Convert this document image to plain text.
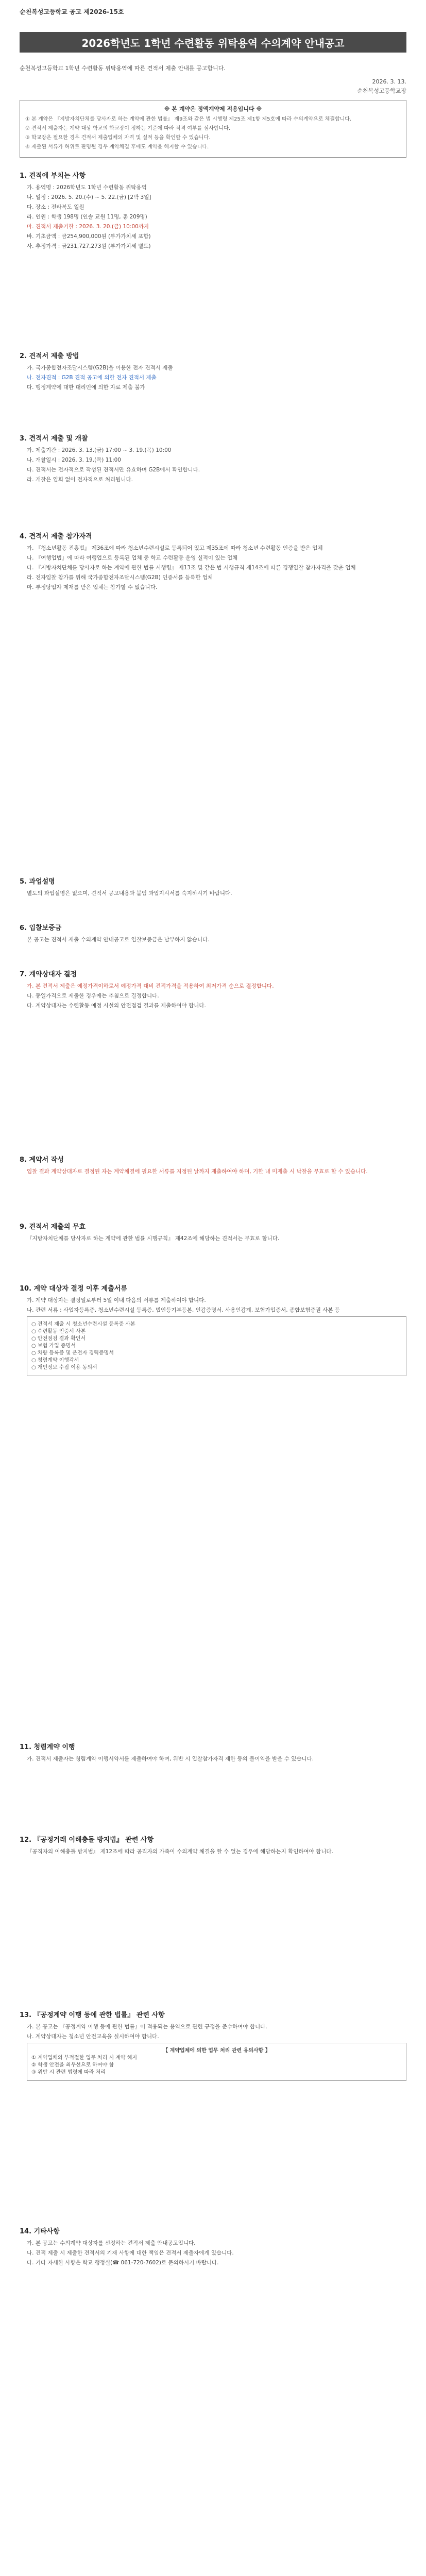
순천복성고등학교 공고 제2026-15호
2026학년도 1학년 수련활동 위탁용역 수의계약 안내공고
순천복성고등학교 1학년 수련활동 위탁용역에 따른 견적서 제출 안내를 공고합니다.
2026. 3. 13.
순천복성고등학교장
※ 본 계약은 정액계약제 적용입니다 ※

① 본 계약은 『지방자치단체를 당사자로 하는 계약에 관한 법률』 제9조와 같은 법 시행령 제25조 제1항 제5호에 따라 수의계약으로 체결합니다.

② 견적서 제출자는 계약 대상 학교의 학교장이 정하는 기준에 따라 적격 여부를 심사합니다.

③ 학교장은 필요한 경우 견적서 제출업체의 자격 및 실적 등을 확인할 수 있습니다.

④ 제출된 서류가 허위로 판명될 경우 계약체결 후에도 계약을 해지할 수 있습니다.

1. 견적에 부치는 사항
가. 용역명 : 2026학년도 1학년 수련활동 위탁용역
나. 일정 : 2026. 5. 20.(수) ~ 5. 22.(금) [2박 3일]
다. 장소 : 전라북도 일원
라. 인원 : 학생 198명 (인솔 교원 11명, 총 209명)
마. 견적서 제출기한 : 2026. 3. 20.(금) 10:00까지
바. 기초금액 : 금254,900,000원 (부가가치세 포함)
사. 추정가격 : 금231,727,273원 (부가가치세 별도)
2. 견적서 제출 방법
가. 국가종합전자조달시스템(G2B)을 이용한 전자 견적서 제출
나. 전자견적 : G2B 견적 공고에 의한 전자 견적서 제출
다. 행정계약에 대한 대리인에 의한 자료 제출 불가
3. 견적서 제출 및 개찰
가. 제출기간 : 2026. 3. 13.(금) 17:00 ~ 3. 19.(목) 10:00
나. 개찰일시 : 2026. 3. 19.(목) 11:00
다. 견적서는 전자적으로 작성된 견적서만 유효하며 G2B에서 확인합니다.
라. 개찰은 입회 없이 전자적으로 처리됩니다.
4. 견적서 제출 참가자격
가. 『청소년활동 진흥법』 제36조에 따라 청소년수련시설로 등록되어 있고 제35조에 따라 청소년 수련활동 인증을 받은 업체
나. 『여행업법』에 따라 여행업으로 등록된 업체 중 학교 수련활동 운영 실적이 있는 업체
다. 『지방자치단체를 당사자로 하는 계약에 관한 법률 시행령』 제13조 및 같은 법 시행규칙 제14조에 따른 경쟁입찰 참가자격을 갖춘 업체
라. 전자입찰 참가를 위해 국가종합전자조달시스템(G2B) 인증서를 등록한 업체
마. 부정당업자 제재를 받은 업체는 참가할 수 없습니다.
5. 과업설명
별도의 과업설명은 없으며, 견적서 공고내용과 붙임 과업지시서를 숙지하시기 바랍니다.
6. 입찰보증금
본 공고는 견적서 제출 수의계약 안내공고로 입찰보증금은 납부하지 않습니다.
7. 계약상대자 결정
가. 본 견적서 제출은 예정가격이하로서 예정가격 대비 견적가격을 적용하여 최저가격 순으로 결정합니다.
나. 동일가격으로 제출한 경우에는 추첨으로 결정합니다.
다. 계약상대자는 수련활동 예정 시설의 안전점검 결과를 제출하여야 합니다.
8. 계약서 작성
입찰 결과 계약상대자로 결정된 자는 계약체결에 필요한 서류를 지정된 날까지 제출하여야 하며, 기한 내 미제출 시 낙찰을 무효로 할 수 있습니다.
9. 견적서 제출의 무효
『지방자치단체를 당사자로 하는 계약에 관한 법률 시행규칙』 제42조에 해당하는 견적서는 무효로 합니다.
10. 계약 대상자 결정 이후 제출서류
가. 계약 대상자는 결정일로부터 5일 이내 다음의 서류를 제출하여야 합니다.
나. 관련 서류 : 사업자등록증, 청소년수련시설 등록증, 법인등기부등본, 인감증명서, 사용인감계, 보험가입증서, 종합보험증권 사본 등
○ 견적서 제출 시 청소년수련시설 등록증 사본
○ 수련활동 인증서 사본
○ 안전점검 결과 확인서
○ 보험 가입 증명서
○ 차량 등록증 및 운전자 경력증명서
○ 청렴계약 이행각서
○ 개인정보 수집 이용 동의서
11. 청렴계약 이행
가. 견적서 제출자는 청렴계약 이행서약서를 제출하여야 하며, 위반 시 입찰참가자격 제한 등의 불이익을 받을 수 있습니다.
12. 『공정거래 이해충돌 방지법』 관련 사항
『공직자의 이해충돌 방지법』 제12조에 따라 공직자의 가족이 수의계약 체결을 할 수 없는 경우에 해당하는지 확인하여야 합니다.
13. 『공정계약 이행 등에 관한 법률』 관련 사항
가. 본 공고는 『공정계약 이행 등에 관한 법률』이 적용되는 용역으로 관련 규정을 준수하여야 합니다.
나. 계약상대자는 청소년 안전교육을 실시하여야 합니다.
【 계약업체에 의한 업무 처리 관련 유의사항 】
① 계약업체의 부적절한 업무 처리 시 계약 해지
② 학생 안전을 최우선으로 하여야 함
③ 위반 시 관련 법령에 따라 처리
14. 기타사항
가. 본 공고는 수의계약 대상자를 선정하는 견적서 제출 안내공고입니다.
나. 견적 제출 시 제출한 견적서의 기재 사항에 대한 책임은 견적서 제출자에게 있습니다.
다. 기타 자세한 사항은 학교 행정실(☎ 061-720-7602)로 문의하시기 바랍니다.
